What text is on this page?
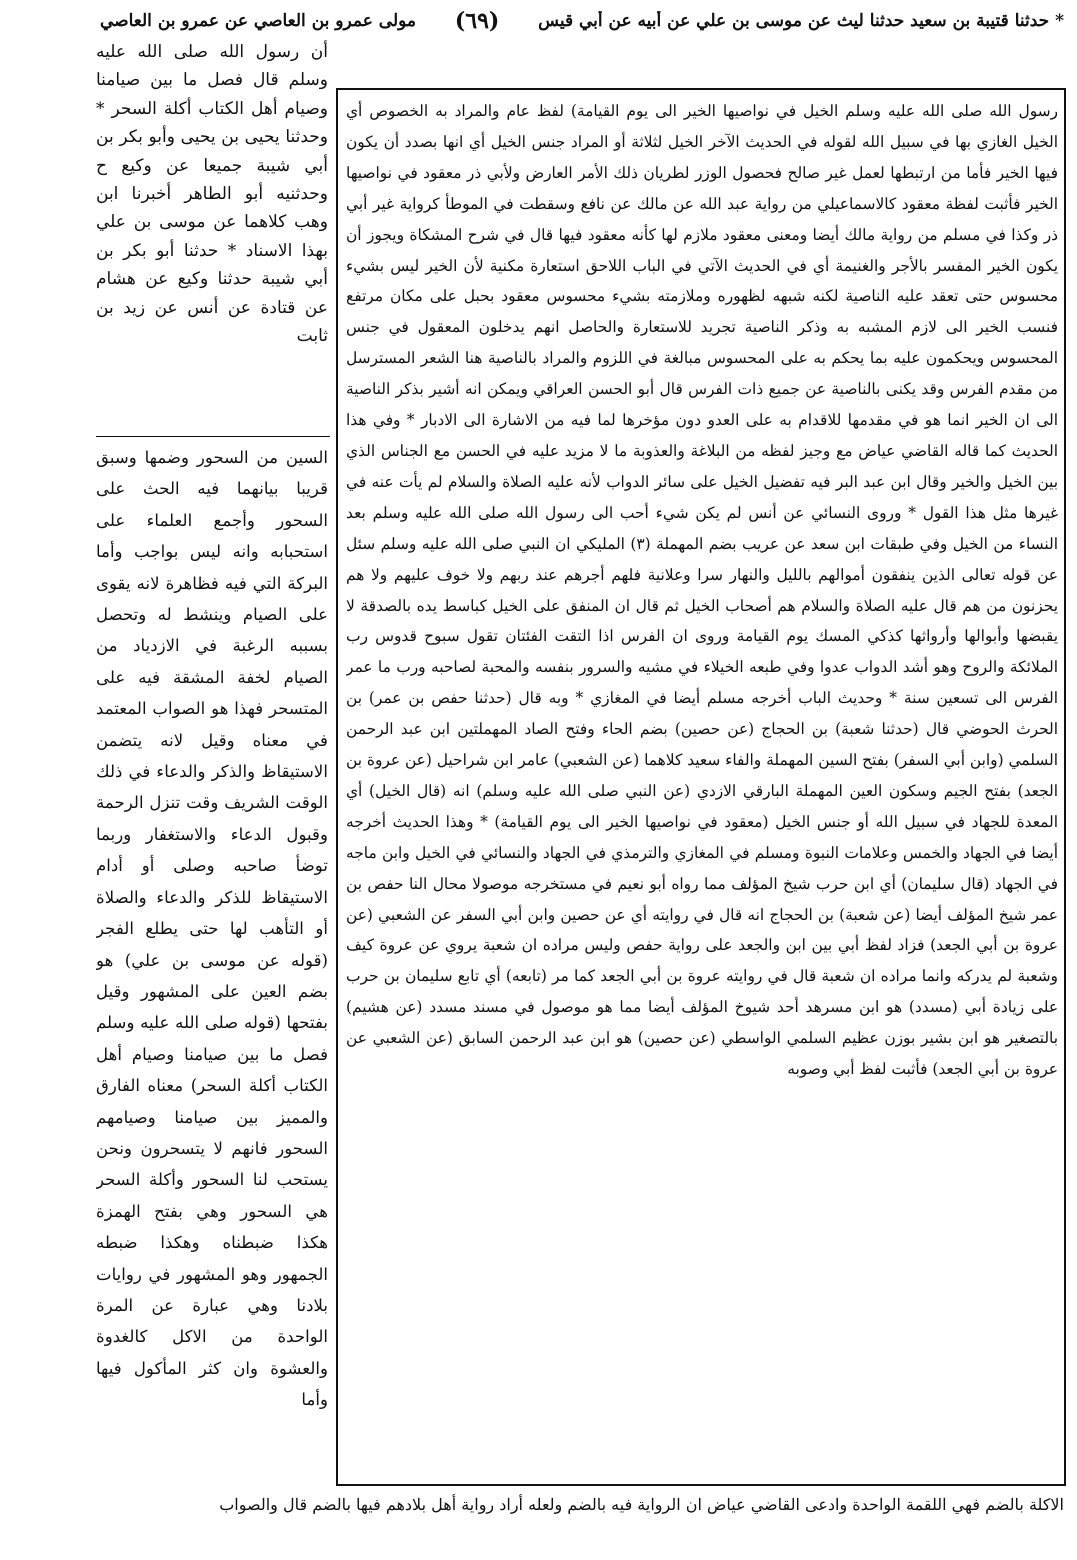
* حدثنا قتيبة بن سعيد حدثنا ليث عن موسى بن علي عن أبيه عن أبي قيس
(٦٩)
مولى عمرو بن العاصي عن عمرو بن العاصي

أن رسول الله صلى الله عليه وسلم قال فصل ما بين صيامنا وصيام أهل الكتاب أكلة السحر * وحدثنا يحيى بن يحيى وأبو بكر بن أبي شيبة جميعا عن وكيع ح وحدثنيه أبو الطاهر أخبرنا ابن وهب كلاهما عن موسى بن علي بهذا الاسناد * حدثنا أبو بكر بن أبي شيبة حدثنا وكيع عن هشام عن قتادة عن أنس عن زيد بن ثابت

السين من السحور وضمها وسبق قريبا بيانهما فيه الحث على السحور وأجمع العلماء على استحبابه وانه ليس بواجب وأما البركة التي فيه فظاهرة لانه يقوى على الصيام وينشط له وتحصل بسببه الرغبة في الازدياد من الصيام لخفة المشقة فيه على المتسحر فهذا هو الصواب المعتمد في معناه وقيل لانه يتضمن الاستيقاظ والذكر والدعاء في ذلك الوقت الشريف وقت تنزل الرحمة وقبول الدعاء والاستغفار وربما توضأ صاحبه وصلى أو أدام الاستيقاظ للذكر والدعاء والصلاة أو التأهب لها حتى يطلع الفجر (قوله عن موسى بن علي) هو بضم العين على المشهور وقيل بفتحها (قوله صلى الله عليه وسلم فصل ما بين صيامنا وصيام أهل الكتاب أكلة السحر) معناه الفارق والمميز بين صيامنا وصيامهم السحور فانهم لا يتسحرون ونحن يستحب لنا السحور وأكلة السحر هي السحور وهي بفتح الهمزة هكذا ضبطناه وهكذا ضبطه الجمهور وهو المشهور في روايات بلادنا وهي عبارة عن المرة الواحدة من الاكل كالغدوة والعشوة وان كثر المأكول فيها وأما

رسول الله صلى الله عليه وسلم الخيل في نواصيها الخير الى يوم القيامة) لفظ عام والمراد به الخصوص أي الخيل الغازي بها في سبيل الله لقوله في الحديث الآخر الخيل لثلاثة أو المراد جنس الخيل أي انها بصدد أن يكون فيها الخير فأما من ارتبطها لعمل غير صالح فحصول الوزر لطريان ذلك الأمر العارض ولأبي ذر معقود في نواصيها الخير فأثبت لفظة معقود كالاسماعيلي من رواية عبد الله عن مالك عن نافع وسقطت في الموطأ كرواية غير أبي ذر وكذا في مسلم من رواية مالك أيضا ومعنى معقود ملازم لها كأنه معقود فيها قال في شرح المشكاة ويجوز أن يكون الخير المفسر بالأجر والغنيمة أي في الحديث الآتي في الباب اللاحق استعارة مكنية لأن الخير ليس بشيء محسوس حتى تعقد عليه الناصية لكنه شبهه لظهوره وملازمته بشيء محسوس معقود بحبل على مكان مرتفع فنسب الخير الى لازم المشبه به وذكر الناصية تجريد للاستعارة والحاصل انهم يدخلون المعقول في جنس المحسوس ويحكمون عليه بما يحكم به على المحسوس مبالغة في اللزوم والمراد بالناصية هنا الشعر المسترسل من مقدم الفرس وقد يكنى بالناصية عن جميع ذات الفرس قال أبو الحسن العراقي ويمكن انه أشير بذكر الناصية الى ان الخير انما هو في مقدمها للاقدام به على العدو دون مؤخرها لما فيه من الاشارة الى الادبار * وفي هذا الحديث كما قاله القاضي عياض مع وجيز لفظه من البلاغة والعذوبة ما لا مزيد عليه في الحسن مع الجناس الذي بين الخيل والخير وقال ابن عبد البر فيه تفضيل الخيل على سائر الدواب لأنه عليه الصلاة والسلام لم يأت عنه في غيرها مثل هذا القول * وروى النسائي عن أنس لم يكن شيء أحب الى رسول الله صلى الله عليه وسلم بعد النساء من الخيل وفي طبقات ابن سعد عن عريب بضم المهملة (٣) المليكي ان النبي صلى الله عليه وسلم سئل عن قوله تعالى الذين ينفقون أموالهم بالليل والنهار سرا وعلانية فلهم أجرهم عند ربهم ولا خوف عليهم ولا هم يحزنون من هم قال عليه الصلاة والسلام هم أصحاب الخيل ثم قال ان المنفق على الخيل كباسط يده بالصدقة لا يقبضها وأبوالها وأرواثها كذكي المسك يوم القيامة وروى ان الفرس اذا التقت الفئتان تقول سبوح قدوس رب الملائكة والروح وهو أشد الدواب عدوا وفي طبعه الخيلاء في مشيه والسرور بنفسه والمحبة لصاحبه ورب ما عمر الفرس الى تسعين سنة * وحديث الباب أخرجه مسلم أيضا في المغازي * وبه قال (حدثنا حفص بن عمر) بن الحرث الحوضي قال (حدثنا شعبة) بن الحجاج (عن حصين) بضم الحاء وفتح الصاد المهملتين ابن عبد الرحمن السلمي (وابن أبي السفر) بفتح السين المهملة والفاء سعيد كلاهما (عن الشعبي) عامر ابن شراحيل (عن عروة بن الجعد) بفتح الجيم وسكون العين المهملة البارقي الازدي (عن النبي صلى الله عليه وسلم) انه (قال الخيل) أي المعدة للجهاد في سبيل الله أو جنس الخيل (معقود في نواصيها الخير الى يوم القيامة) * وهذا الحديث أخرجه أيضا في الجهاد والخمس وعلامات النبوة ومسلم في المغازي والترمذي في الجهاد والنسائي في الخيل وابن ماجه في الجهاد (قال سليمان) أي ابن حرب شيخ المؤلف مما رواه أبو نعيم في مستخرجه موصولا محال النا حفص بن عمر شيخ المؤلف أيضا (عن شعبة) بن الحجاج انه قال في روايته أي عن حصين وابن أبي السفر عن الشعبي (عن عروة بن أبي الجعد) فزاد لفظ أبي بين ابن والجعد على رواية حفص وليس مراده ان شعبة يروي عن عروة كيف وشعبة لم يدركه وانما مراده ان شعبة قال في روايته عروة بن أبي الجعد كما مر (تابعه) أي تابع سليمان بن حرب على زيادة أبي (مسدد) هو ابن مسرهد أحد شيوخ المؤلف أيضا مما هو موصول في مسند مسدد (عن هشيم) بالتصغير هو ابن بشير بوزن عظيم السلمي الواسطي (عن حصين) هو ابن عبد الرحمن السابق (عن الشعبي عن عروة بن أبي الجعد) فأثبت لفظ أبي وصوبه

الاكلة بالضم فهي اللقمة الواحدة وادعى القاضي عياض ان الرواية فيه بالضم ولعله أراد رواية أهل بلادهم فيها بالضم قال والصواب
